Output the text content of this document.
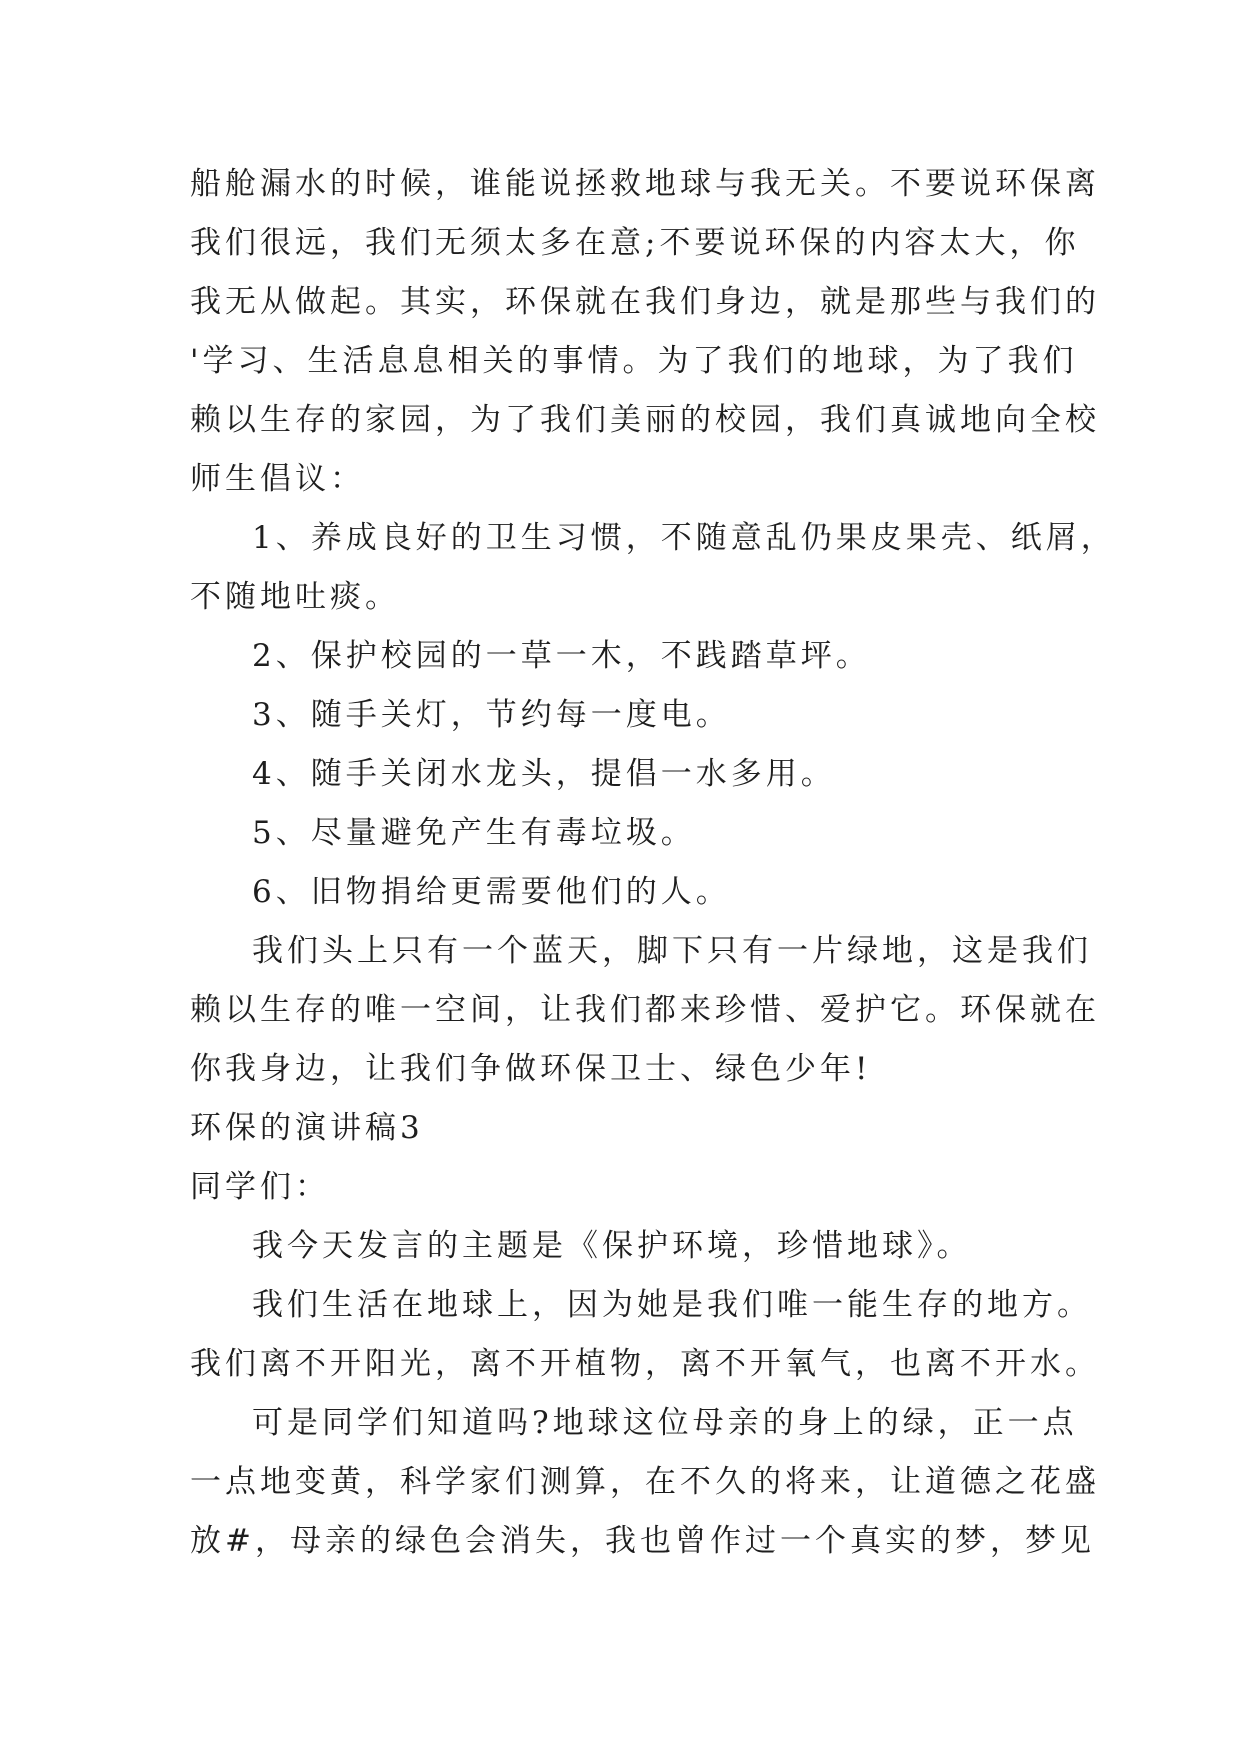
船舱漏水的时候，谁能说拯救地球与我无关。不要说环保离
我们很远，我们无须太多在意;不要说环保的内容太大，你
我无从做起。其实，环保就在我们身边，就是那些与我们的
'学习、生活息息相关的事情。为了我们的地球，为了我们
赖以生存的家园，为了我们美丽的校园，我们真诚地向全校
师生倡议：
1、养成良好的卫生习惯，不随意乱仍果皮果壳、纸屑，
不随地吐痰。
2、保护校园的一草一木，不践踏草坪。
3、随手关灯，节约每一度电。
4、随手关闭水龙头，提倡一水多用。
5、尽量避免产生有毒垃圾。
6、旧物捐给更需要他们的人。
我们头上只有一个蓝天，脚下只有一片绿地，这是我们
赖以生存的唯一空间，让我们都来珍惜、爱护它。环保就在
你我身边，让我们争做环保卫士、绿色少年!
环保的演讲稿3
同学们：
我今天发言的主题是《保护环境，珍惜地球》。
我们生活在地球上，因为她是我们唯一能生存的地方。
我们离不开阳光，离不开植物，离不开氧气，也离不开水。
可是同学们知道吗?地球这位母亲的身上的绿，正一点
一点地变黄，科学家们测算，在不久的将来，让道德之花盛
放#，母亲的绿色会消失，我也曾作过一个真实的梦，梦见
